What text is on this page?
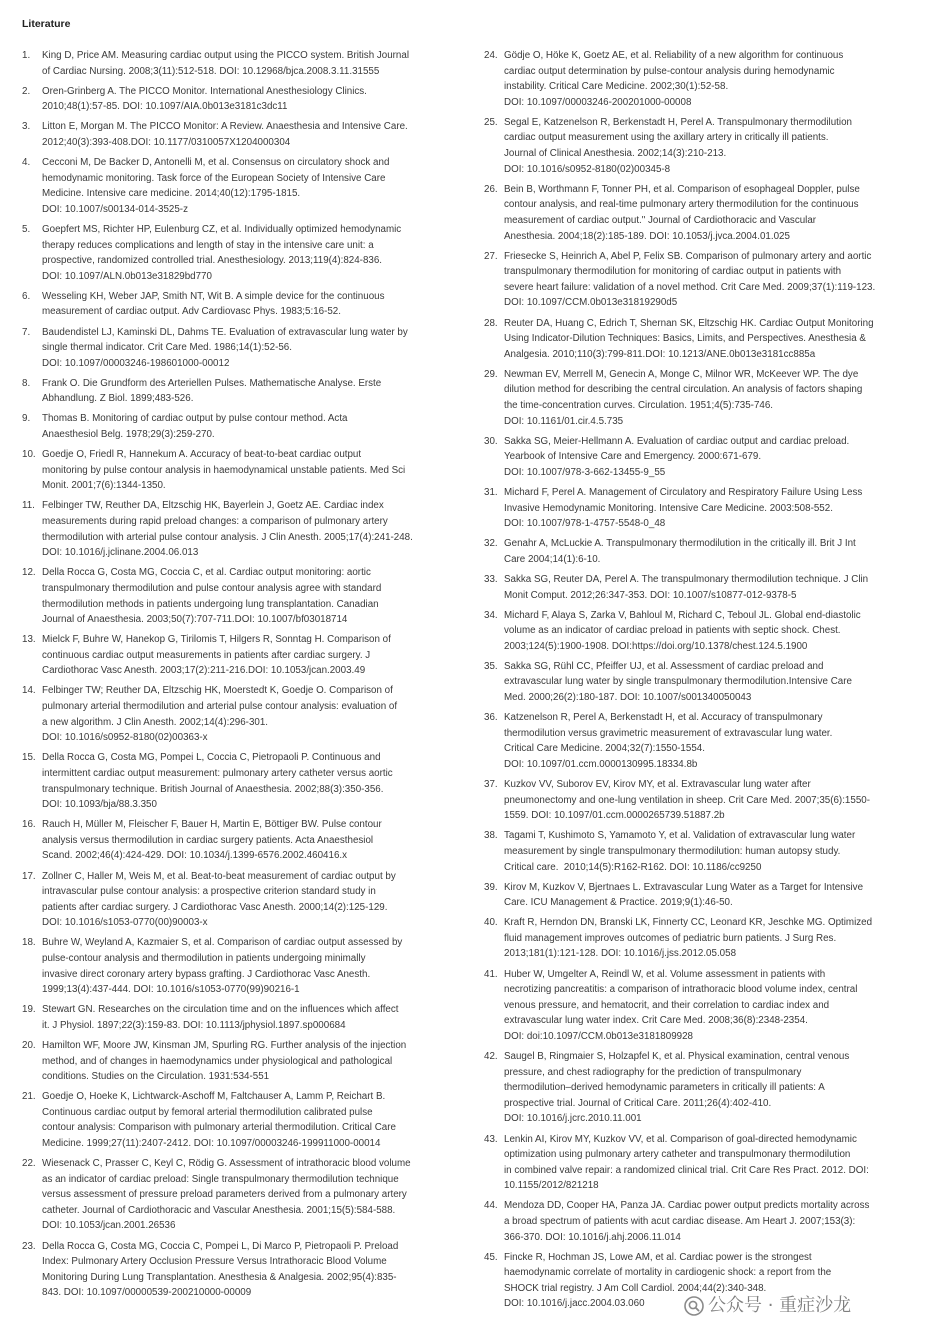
Literature
1.	King D, Price AM. Measuring cardiac output using the PICCO system. British Journal
of Cardiac Nursing. 2008;3(11):512-518. DOI: 10.12968/bjca.2008.3.11.31555
2.	Oren-Grinberg A. The PICCO Monitor. International Anesthesiology Clinics.
2010;48(1):57-85. DOI: 10.1097/AIA.0b013e3181c3dc11
3.	Litton E, Morgan M. The PICCO Monitor: A Review. Anaesthesia and Intensive Care.
2012;40(3):393-408.DOI: 10.1177/0310057X1204000304
4.	Cecconi M, De Backer D, Antonelli M, et al. Consensus on circulatory shock and
hemodynamic monitoring. Task force of the European Society of Intensive Care
Medicine. Intensive care medicine. 2014;40(12):1795-1815.
DOI: 10.1007/s00134-014-3525-z
5.	Goepfert MS, Richter HP, Eulenburg CZ, et al. Individually optimized hemodynamic
therapy reduces complications and length of stay in the intensive care unit: a
prospective, randomized controlled trial. Anesthesiology. 2013;119(4):824-836.
DOI: 10.1097/ALN.0b013e31829bd770
6.	Wesseling KH, Weber JAP, Smith NT, Wit B. A simple device for the continuous
measurement of cardiac output. Adv Cardiovasc Phys. 1983;5:16-52.
7.	Baudendistel LJ, Kaminski DL, Dahms TE. Evaluation of extravascular lung water by
single thermal indicator. Crit Care Med. 1986;14(1):52-56.
DOI: 10.1097/00003246-198601000-00012
8.	Frank O. Die Grundform des Arteriellen Pulses. Mathematische Analyse. Erste
Abhandlung. Z Biol. 1899;483-526.
9.	Thomas B. Monitoring of cardiac output by pulse contour method. Acta
Anaesthesiol Belg. 1978;29(3):259-270.
10. Goedje O, Friedl R, Hannekum A. Accuracy of beat-to-beat cardiac output
monitoring by pulse contour analysis in haemodynamical unstable patients. Med Sci
Monit. 2001;7(6):1344-1350.
11. Felbinger TW, Reuther DA, Eltzschig HK, Bayerlein J, Goetz AE. Cardiac index
measurements during rapid preload changes: a comparison of pulmonary artery
thermodilution with arterial pulse contour analysis. J Clin Anesth. 2005;17(4):241-248.
DOI: 10.1016/j.jclinane.2004.06.013
12. Della Rocca G, Costa MG, Coccia C, et al. Cardiac output monitoring: aortic
transpulmonary thermodilution and pulse contour analysis agree with standard
thermodilution methods in patients undergoing lung transplantation. Canadian
Journal of Anaesthesia. 2003;50(7):707-711.DOI: 10.1007/bf03018714
13. Mielck F, Buhre W, Hanekop G, Tirilomis T, Hilgers R, Sonntag H. Comparison of
continuous cardiac output measurements in patients after cardiac surgery. J
Cardiothorac Vasc Anesth. 2003;17(2):211-216.DOI: 10.1053/jcan.2003.49
14. Felbinger TW; Reuther DA, Eltzschig HK, Moerstedt K, Goedje O. Comparison of
pulmonary arterial thermodilution and arterial pulse contour analysis: evaluation of
a new algorithm. J Clin Anesth. 2002;14(4):296-301.
DOI: 10.1016/s0952-8180(02)00363-x
15. Della Rocca G, Costa MG, Pompei L, Coccia C, Pietropaoli P. Continuous and
intermittent cardiac output measurement: pulmonary artery catheter versus aortic
transpulmonary technique. British Journal of Anaesthesia. 2002;88(3):350-356.
DOI: 10.1093/bja/88.3.350
16. Rauch H, Müller M, Fleischer F, Bauer H, Martin E, Böttiger BW. Pulse contour
analysis versus thermodilution in cardiac surgery patients. Acta Anaesthesiol
Scand. 2002;46(4):424-429. DOI: 10.1034/j.1399-6576.2002.460416.x
17. Zollner C, Haller M, Weis M, et al. Beat-to-beat measurement of cardiac output by
intravascular pulse contour analysis: a prospective criterion standard study in
patients after cardiac surgery. J Cardiothorac Vasc Anesth. 2000;14(2):125-129.
DOI: 10.1016/s1053-0770(00)90003-x
18. Buhre W, Weyland A, Kazmaier S, et al. Comparison of cardiac output assessed by
pulse-contour analysis and thermodilution in patients undergoing minimally
invasive direct coronary artery bypass grafting. J Cardiothorac Vasc Anesth.
1999;13(4):437-444. DOI: 10.1016/s1053-0770(99)90216-1
19. Stewart GN. Researches on the circulation time and on the influences which affect
it. J Physiol. 1897;22(3):159-83. DOI: 10.1113/jphysiol.1897.sp000684
20. Hamilton WF, Moore JW, Kinsman JM, Spurling RG. Further analysis of the injection
method, and of changes in haemodynamics under physiological and pathological
conditions. Studies on the Circulation. 1931:534-551
21. Goedje O, Hoeke K, Lichtwarck-Aschoff M, Faltchauser A, Lamm P, Reichart B.
Continuous cardiac output by femoral arterial thermodilution calibrated pulse
contour analysis: Comparison with pulmonary arterial thermodilution. Critical Care
Medicine. 1999;27(11):2407-2412. DOI: 10.1097/00003246-199911000-00014
22. Wiesenack C, Prasser C, Keyl C, Rödig G. Assessment of intrathoracic blood volume
as an indicator of cardiac preload: Single transpulmonary thermodilution technique
versus assessment of pressure preload parameters derived from a pulmonary artery
catheter. Journal of Cardiothoracic and Vascular Anesthesia. 2001;15(5):584-588.
DOI: 10.1053/jcan.2001.26536
23. Della Rocca G, Costa MG, Coccia C, Pompei L, Di Marco P, Pietropaoli P. Preload
Index: Pulmonary Artery Occlusion Pressure Versus Intrathoracic Blood Volume
Monitoring During Lung Transplantation. Anesthesia & Analgesia. 2002;95(4):835-
843. DOI: 10.1097/00000539-200210000-00009
24. Gödje O, Höke K, Goetz AE, et al. Reliability of a new algorithm for continuous
cardiac output determination by pulse-contour analysis during hemodynamic
instability. Critical Care Medicine. 2002;30(1):52-58.
DOI: 10.1097/00003246-200201000-00008
25. Segal E, Katzenelson R, Berkenstadt H, Perel A. Transpulmonary thermodilution
cardiac output measurement using the axillary artery in critically ill patients.
Journal of Clinical Anesthesia. 2002;14(3):210-213.
DOI: 10.1016/s0952-8180(02)00345-8
26. Bein B, Worthmann F, Tonner PH, et al. Comparison of esophageal Doppler, pulse
contour analysis, and real-time pulmonary artery thermodilution for the continuous
measurement of cardiac output." Journal of Cardiothoracic and Vascular
Anesthesia. 2004;18(2):185-189. DOI: 10.1053/j.jvca.2004.01.025
27. Friesecke S, Heinrich A, Abel P, Felix SB. Comparison of pulmonary artery and aortic
transpulmonary thermodilution for monitoring of cardiac output in patients with
severe heart failure: validation of a novel method. Crit Care Med. 2009;37(1):119-123.
DOI: 10.1097/CCM.0b013e31819290d5
28. Reuter DA, Huang C, Edrich T, Shernan SK, Eltzschig HK. Cardiac Output Monitoring
Using Indicator-Dilution Techniques: Basics, Limits, and Perspectives. Anesthesia &
Analgesia. 2010;110(3):799-811.DOI: 10.1213/ANE.0b013e3181cc885a
29. Newman EV, Merrell M, Genecin A, Monge C, Milnor WR, McKeever WP. The dye
dilution method for describing the central circulation. An analysis of factors shaping
the time-concentration curves. Circulation. 1951;4(5):735-746.
DOI: 10.1161/01.cir.4.5.735
30. Sakka SG, Meier-Hellmann A. Evaluation of cardiac output and cardiac preload.
Yearbook of Intensive Care and Emergency. 2000:671-679.
DOI: 10.1007/978-3-662-13455-9_55
31. Michard F, Perel A. Management of Circulatory and Respiratory Failure Using Less
Invasive Hemodynamic Monitoring. Intensive Care Medicine. 2003:508-552.
DOI: 10.1007/978-1-4757-5548-0_48
32. Genahr A, McLuckie A. Transpulmonary thermodilution in the critically ill. Brit J Int
Care 2004;14(1):6-10.
33. Sakka SG, Reuter DA, Perel A. The transpulmonary thermodilution technique. J Clin
Monit Comput. 2012;26:347-353. DOI: 10.1007/s10877-012-9378-5
34. Michard F, Alaya S, Zarka V, Bahloul M, Richard C, Teboul JL. Global end-diastolic
volume as an indicator of cardiac preload in patients with septic shock. Chest.
2003;124(5):1900-1908. DOI:https://doi.org/10.1378/chest.124.5.1900
35. Sakka SG, Rühl CC, Pfeiffer UJ, et al. Assessment of cardiac preload and
extravascular lung water by single transpulmonary thermodilution.Intensive Care
Med. 2000;26(2):180-187. DOI: 10.1007/s001340050043
36. Katzenelson R, Perel A, Berkenstadt H, et al. Accuracy of transpulmonary
thermodilution versus gravimetric measurement of extravascular lung water.
Critical Care Medicine. 2004;32(7):1550-1554.
DOI: 10.1097/01.ccm.0000130995.18334.8b
37. Kuzkov VV, Suborov EV, Kirov MY, et al. Extravascular lung water after
pneumonectomy and one-lung ventilation in sheep. Crit Care Med. 2007;35(6):1550-
1559. DOI: 10.1097/01.ccm.0000265739.51887.2b
38. Tagami T, Kushimoto S, Yamamoto Y, et al. Validation of extravascular lung water
measurement by single transpulmonary thermodilution: human autopsy study.
Critical care.  2010;14(5):R162-R162. DOI: 10.1186/cc9250
39. Kirov M, Kuzkov V, Bjertnaes L. Extravascular Lung Water as a Target for Intensive
Care. ICU Management & Practice. 2019;9(1):46-50.
40. Kraft R, Herndon DN, Branski LK, Finnerty CC, Leonard KR, Jeschke MG. Optimized
fluid management improves outcomes of pediatric burn patients. J Surg Res.
2013;181(1):121-128. DOI: 10.1016/j.jss.2012.05.058
41. Huber W, Umgelter A, Reindl W, et al. Volume assessment in patients with
necrotizing pancreatitis: a comparison of intrathoracic blood volume index, central
venous pressure, and hematocrit, and their correlation to cardiac index and
extravascular lung water index. Crit Care Med. 2008;36(8):2348-2354.
DOI: doi:10.1097/CCM.0b013e3181809928
42. Saugel B, Ringmaier S, Holzapfel K, et al. Physical examination, central venous
pressure, and chest radiography for the prediction of transpulmonary
thermodilution–derived hemodynamic parameters in critically ill patients: A
prospective trial. Journal of Critical Care. 2011;26(4):402-410.
DOI: 10.1016/j.jcrc.2010.11.001
43. Lenkin AI, Kirov MY, Kuzkov VV, et al. Comparison of goal-directed hemodynamic
optimization using pulmonary artery catheter and transpulmonary thermodilution
in combined valve repair: a randomized clinical trial. Crit Care Res Pract. 2012. DOI:
10.1155/2012/821218
44. Mendoza DD, Cooper HA, Panza JA. Cardiac power output predicts mortality across
a broad spectrum of patients with acut cardiac disease. Am Heart J. 2007;153(3):
366-370. DOI: 10.1016/j.ahj.2006.11.014
45. Fincke R, Hochman JS, Lowe AM, et al. Cardiac power is the strongest
haemodynamic correlate of mortality in cardiogenic shock: a report from the
SHOCK trial registry. J Am Coll Cardiol. 2004;44(2):340-348.
DOI: 10.1016/j.jacc.2004.03.060	公众号 · 重症沙龙
